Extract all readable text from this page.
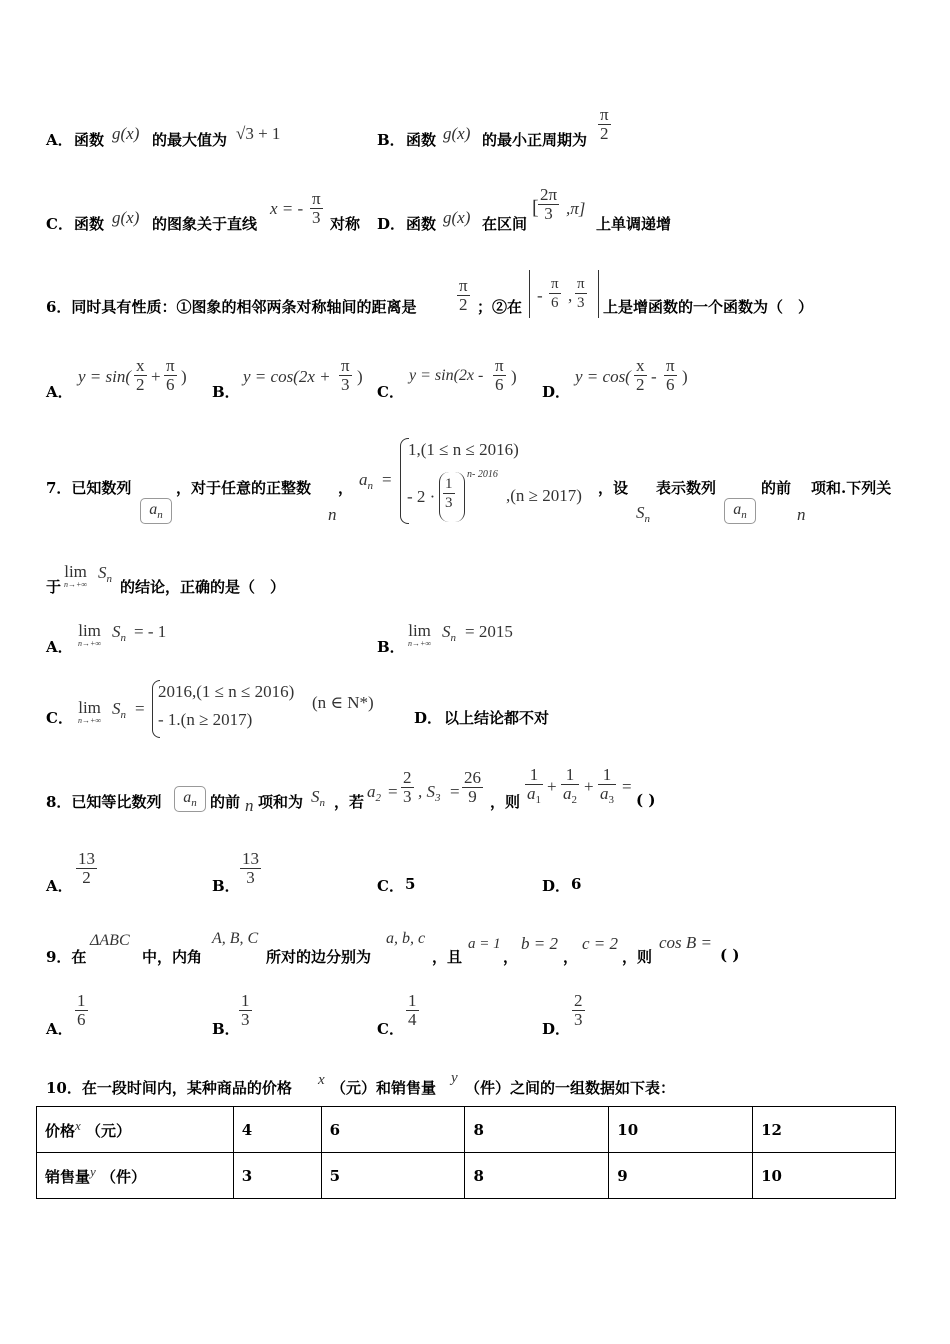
A． 函数 g(x) 的最大值为 √3 + 1	B． 函数 g(x) 的最小正周期为 $\frac{\pi}{2}$
C． 函数 g(x) 的图象关于直线
x = - $\frac{\pi}{3}$ 对称 D． 函数 g(x) 在区间
[ $\frac{2\pi}{3} ,\pi$]
上单调递增
6．同时具有性质：①图象的相邻两条对称轴间的距离是 $\frac{\pi}{2}$ ；②在
- $\frac{\pi}{6}$ , $\frac{\pi}{3}$ 上是增函数的一个函数为（　）
A．
$y = \sin( \frac{x}{2} + \frac{\pi}{6}$ )
B．
$y = \cos(2x + \frac{\pi}{3}$ )
C．
$y = \sin(2x - \frac{\pi}{6}$ )
D．
$y = \cos( \frac{x}{2} - \frac{\pi}{6}$ )
7．已知数列
$a_n$
，对于任意的正整数
n
， $a_n$ =
1,(1 ≤ n ≤ 2016)
- $2 \cdot \frac{1}{3}$
n- 2016
,(n ≥ 2017) ，设
$S_n$
表示数列
$a_n$
的前
n
项和.下列关
于
lim
n→+∞
$S_n$ 的结论，正确的是（　）
A．
lim
n→+∞
$S_n$ = - 1
B．
lim
n→+∞
$S_n = 2015$
C．
lim
n→+∞
$S_n$ =
2016,(1 ≤ n ≤ 2016)
- 1.(n ≥ 2017)
(n ∈ N*)
D． 以上结论都不对
8．已知等比数列	$a_n$ 的前 n 项和为 $S_n$ ，若
$a_2 = \frac{2}{3}$ , $S_3 = \frac{26}{9}$ ，则 $\frac{1}{a_1} + \frac{1}{a_2} + \frac{1}{a_3}$ =
( )
A． $\frac{13}{2}$	B． $\frac{13}{3}$	C． 5	D． 6
9．在
ΔABC
中，内角
A, B, C
所对的边分别为
a, b, c
，且
a = 1
，
b = 2
，
c = 2
，则
cos B =
( )
A． $\frac{1}{6}$	B． $\frac{1}{3}$	C． $\frac{1}{4}$	D． $\frac{2}{3}$
10．在一段时间内，某种商品的价格 x （元）和销售量
y
（件）之间的一组数据如下表：
价格$^x$ （元）	4	6	8	10	12
销售量$^y$ （件）	3	5	8	9	10
